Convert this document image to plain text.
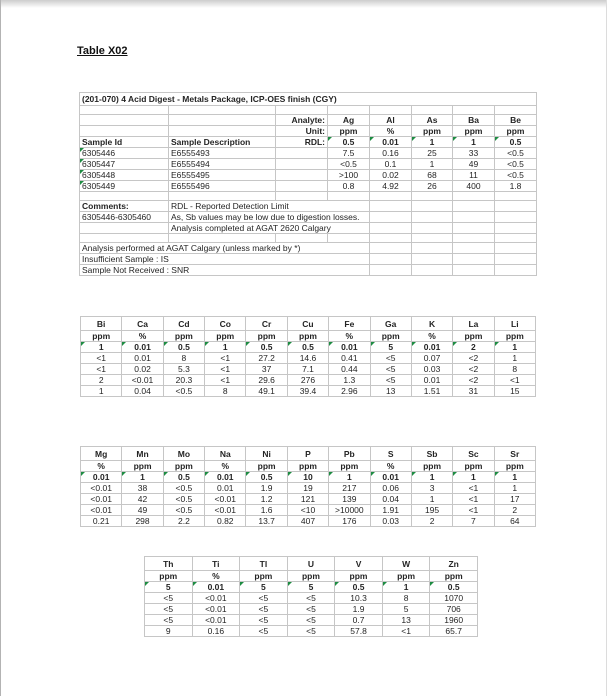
Table X02
(201-070) 4 Acid Digest - Metals Package, ICP-OES finish (CGY)							

		Analyte:	Ag	Al	As	Ba	Be
		Unit:	ppm	%	ppm	ppm	ppm
Sample Id	Sample Description	RDL:	0.5	0.01	1	1	0.5
6305446	E6555493		7.5	0.16	25	33	<0.5
6305447	E6555494		<0.5	0.1	1	49	<0.5
6305448	E6555495		>100	0.02	68	11	<0.5
6305449	E6555496		0.8	4.92	26	400	1.8

Comments:	RDL - Reported Detection Limit						
6305446-6305460	As, Sb values may be low due to digestion losses.						
	Analysis completed at AGAT 2620 Calgary						

Analysis performed at AGAT Calgary (unless marked by *)							
Insufficient Sample : IS							
Sample Not Received : SNR							
Bi	Ca	Cd	Co	Cr	Cu	Fe	Ga	K	La	Li
ppm	%	ppm	ppm	ppm	ppm	%	ppm	%	ppm	ppm
1	0.01	0.5	1	0.5	0.5	0.01	5	0.01	2	1
<1	0.01	8	<1	27.2	14.6	0.41	<5	0.07	<2	1
<1	0.02	5.3	<1	37	7.1	0.44	<5	0.03	<2	8
2	<0.01	20.3	<1	29.6	276	1.3	<5	0.01	<2	<1
1	0.04	<0.5	8	49.1	39.4	2.96	13	1.51	31	15
Mg	Mn	Mo	Na	Ni	P	Pb	S	Sb	Sc	Sr
%	ppm	ppm	%	ppm	ppm	ppm	%	ppm	ppm	ppm
0.01	1	0.5	0.01	0.5	10	1	0.01	1	1	1
<0.01	38	<0.5	0.01	1.9	19	217	0.06	3	<1	1
<0.01	42	<0.5	<0.01	1.2	121	139	0.04	1	<1	17
<0.01	49	<0.5	<0.01	1.6	<10	>10000	1.91	195	<1	2
0.21	298	2.2	0.82	13.7	407	176	0.03	2	7	64
Th	Ti	Tl	U	V	W	Zn
ppm	%	ppm	ppm	ppm	ppm	ppm
5	0.01	5	5	0.5	1	0.5
<5	<0.01	<5	<5	10.3	8	1070
<5	<0.01	<5	<5	1.9	5	706
<5	<0.01	<5	<5	0.7	13	1960
9	0.16	<5	<5	57.8	<1	65.7
